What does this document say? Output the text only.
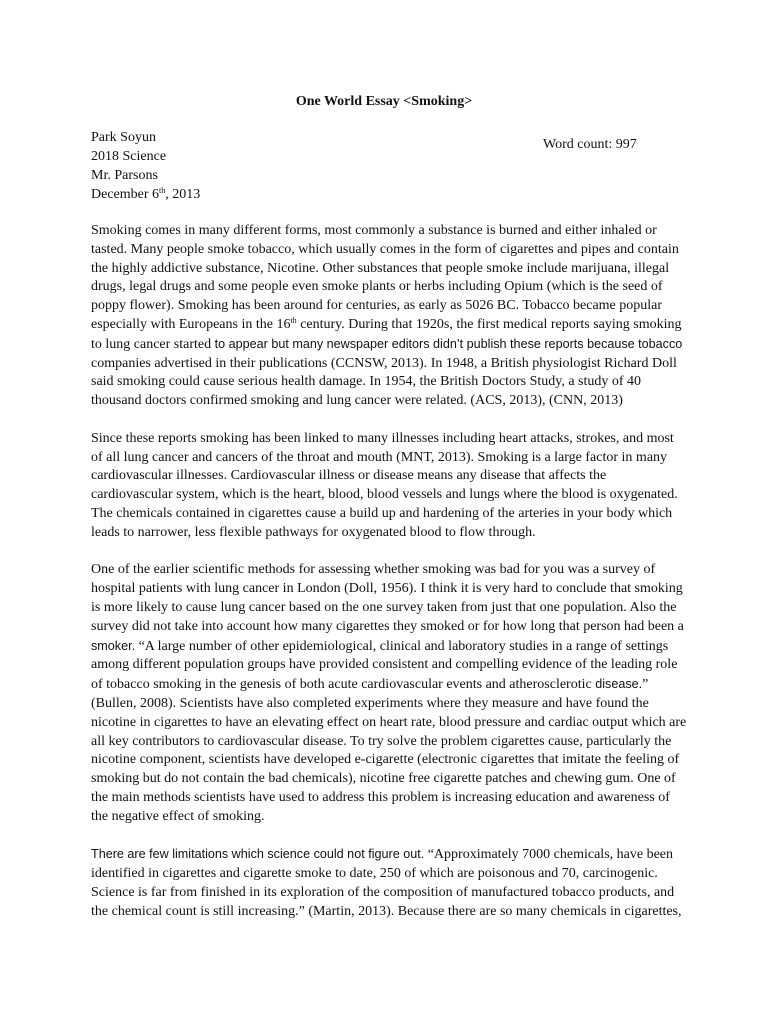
One World Essay <Smoking>
Park Soyun
2018 Science
Mr. Parsons
December 6th, 2013
Word count: 997
Smoking comes in many different forms, most commonly a substance is burned and either inhaled or
tasted. Many people smoke tobacco, which usually comes in the form of cigarettes and pipes and contain
the highly addictive substance, Nicotine. Other substances that people smoke include marijuana, illegal
drugs, legal drugs and some people even smoke plants or herbs including Opium (which is the seed of
poppy flower). Smoking has been around for centuries, as early as 5026 BC. Tobacco became popular
especially with Europeans in the 16th century. During that 1920s, the first medical reports saying smoking
to lung cancer started to appear but many newspaper editors didn’t publish these reports because tobacco
companies advertised in their publications (CCNSW, 2013). In 1948, a British physiologist Richard Doll
said smoking could cause serious health damage. In 1954, the British Doctors Study, a study of 40
thousand doctors confirmed smoking and lung cancer were related. (ACS, 2013), (CNN, 2013)
Since these reports smoking has been linked to many illnesses including heart attacks, strokes, and most
of all lung cancer and cancers of the throat and mouth (MNT, 2013). Smoking is a large factor in many
cardiovascular illnesses. Cardiovascular illness or disease means any disease that affects the
cardiovascular system, which is the heart, blood, blood vessels and lungs where the blood is oxygenated.
The chemicals contained in cigarettes cause a build up and hardening of the arteries in your body which
leads to narrower, less flexible pathways for oxygenated blood to flow through.
One of the earlier scientific methods for assessing whether smoking was bad for you was a survey of
hospital patients with lung cancer in London (Doll, 1956). I think it is very hard to conclude that smoking
is more likely to cause lung cancer based on the one survey taken from just that one population. Also the
survey did not take into account how many cigarettes they smoked or for how long that person had been a
smoker. “A large number of other epidemiological, clinical and laboratory studies in a range of settings
among different population groups have provided consistent and compelling evidence of the leading role
of tobacco smoking in the genesis of both acute cardiovascular events and atherosclerotic disease.”
(Bullen, 2008). Scientists have also completed experiments where they measure and have found the
nicotine in cigarettes to have an elevating effect on heart rate, blood pressure and cardiac output which are
all key contributors to cardiovascular disease. To try solve the problem cigarettes cause, particularly the
nicotine component, scientists have developed e-cigarette (electronic cigarettes that imitate the feeling of
smoking but do not contain the bad chemicals), nicotine free cigarette patches and chewing gum. One of
the main methods scientists have used to address this problem is increasing education and awareness of
the negative effect of smoking.
There are few limitations which science could not figure out. “Approximately 7000 chemicals, have been
identified in cigarettes and cigarette smoke to date, 250 of which are poisonous and 70, carcinogenic.
Science is far from finished in its exploration of the composition of manufactured tobacco products, and
the chemical count is still increasing.” (Martin, 2013). Because there are so many chemicals in cigarettes,
